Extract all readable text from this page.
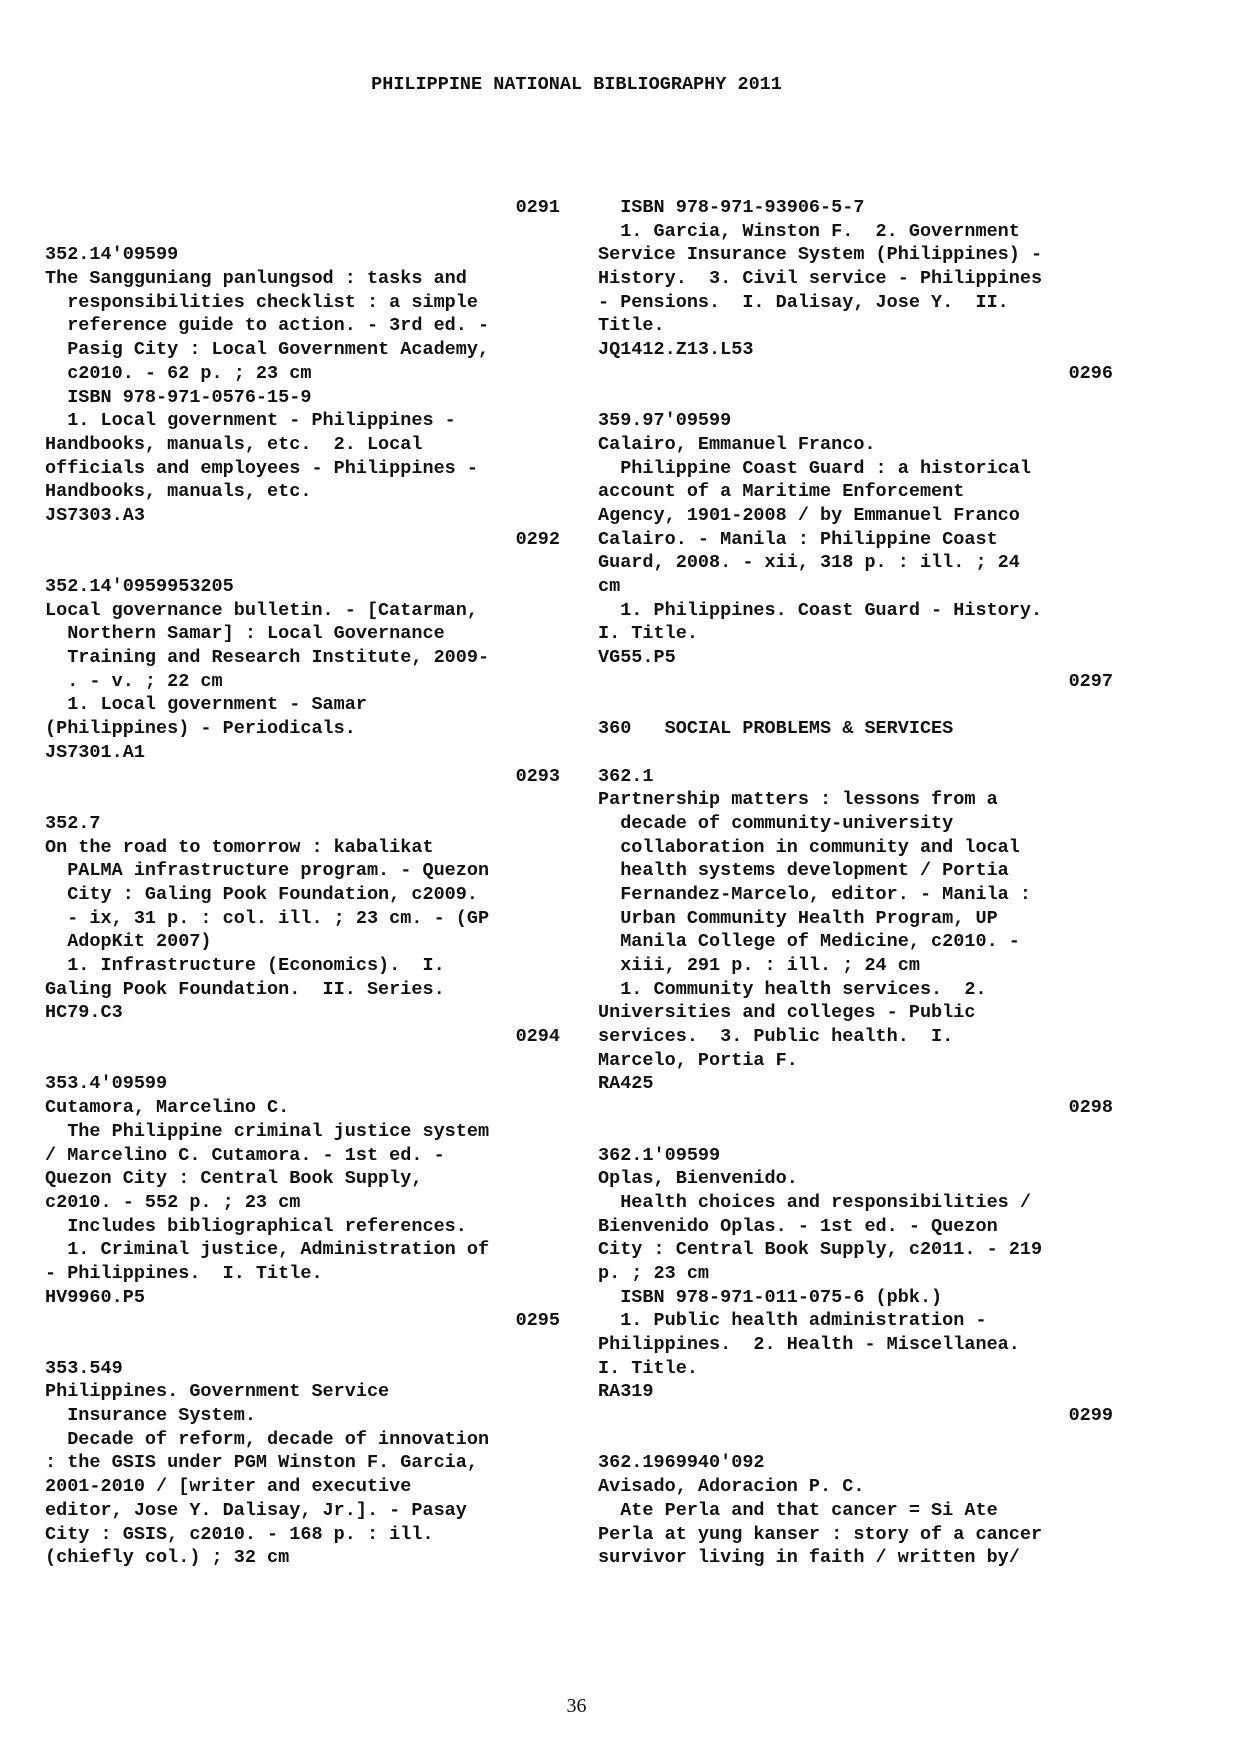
PHILIPPINE NATIONAL BIBLIOGRAPHY 2011
0291
352.14'09599
The Sangguniang panlungsod : tasks and
responsibilities checklist : a simple
reference guide to action. - 3rd ed. -
Pasig City : Local Government Academy,
c2010. - 62 p. ; 23 cm
ISBN 978-971-0576-15-9
1. Local government - Philippines -
Handbooks, manuals, etc.  2. Local
officials and employees - Philippines -
Handbooks, manuals, etc.
JS7303.A3
0292
352.14'0959953205
Local governance bulletin. - [Catarman,
Northern Samar] : Local Governance
Training and Research Institute, 2009-
. - v. ; 22 cm
1. Local government - Samar
(Philippines) - Periodicals.
JS7301.A1
0293
352.7
On the road to tomorrow : kabalikat
PALMA infrastructure program. - Quezon
City : Galing Pook Foundation, c2009.
- ix, 31 p. : col. ill. ; 23 cm. - (GP
AdopKit 2007)
1. Infrastructure (Economics).  I.
Galing Pook Foundation.  II. Series.
HC79.C3
0294
353.4'09599
Cutamora, Marcelino C.
The Philippine criminal justice system
/ Marcelino C. Cutamora. - 1st ed. -
Quezon City : Central Book Supply,
c2010. - 552 p. ; 23 cm
Includes bibliographical references.
1. Criminal justice, Administration of
- Philippines.  I. Title.
HV9960.P5
0295
353.549
Philippines. Government Service
Insurance System.
Decade of reform, decade of innovation
: the GSIS under PGM Winston F. Garcia,
2001-2010 / [writer and executive
editor, Jose Y. Dalisay, Jr.]. - Pasay
City : GSIS, c2010. - 168 p. : ill.
(chiefly col.) ; 32 cm
ISBN 978-971-93906-5-7
1. Garcia, Winston F.  2. Government
Service Insurance System (Philippines) -
History.  3. Civil service - Philippines
- Pensions.  I. Dalisay, Jose Y.  II.
Title.
JQ1412.Z13.L53
0296
359.97'09599
Calairo, Emmanuel Franco.
Philippine Coast Guard : a historical
account of a Maritime Enforcement
Agency, 1901-2008 / by Emmanuel Franco
Calairo. - Manila : Philippine Coast
Guard, 2008. - xii, 318 p. : ill. ; 24
cm
1. Philippines. Coast Guard - History.
I. Title.
VG55.P5
0297
360   SOCIAL PROBLEMS & SERVICES
362.1
Partnership matters : lessons from a
decade of community-university
collaboration in community and local
health systems development / Portia
Fernandez-Marcelo, editor. - Manila :
Urban Community Health Program, UP
Manila College of Medicine, c2010. -
xiii, 291 p. : ill. ; 24 cm
1. Community health services.  2.
Universities and colleges - Public
services.  3. Public health.  I.
Marcelo, Portia F.
RA425
0298
362.1'09599
Oplas, Bienvenido.
Health choices and responsibilities /
Bienvenido Oplas. - 1st ed. - Quezon
City : Central Book Supply, c2011. - 219
p. ; 23 cm
ISBN 978-971-011-075-6 (pbk.)
1. Public health administration -
Philippines.  2. Health - Miscellanea.
I. Title.
RA319
0299
362.1969940'092
Avisado, Adoracion P. C.
Ate Perla and that cancer = Si Ate
Perla at yung kanser : story of a cancer
survivor living in faith / written by/
36
